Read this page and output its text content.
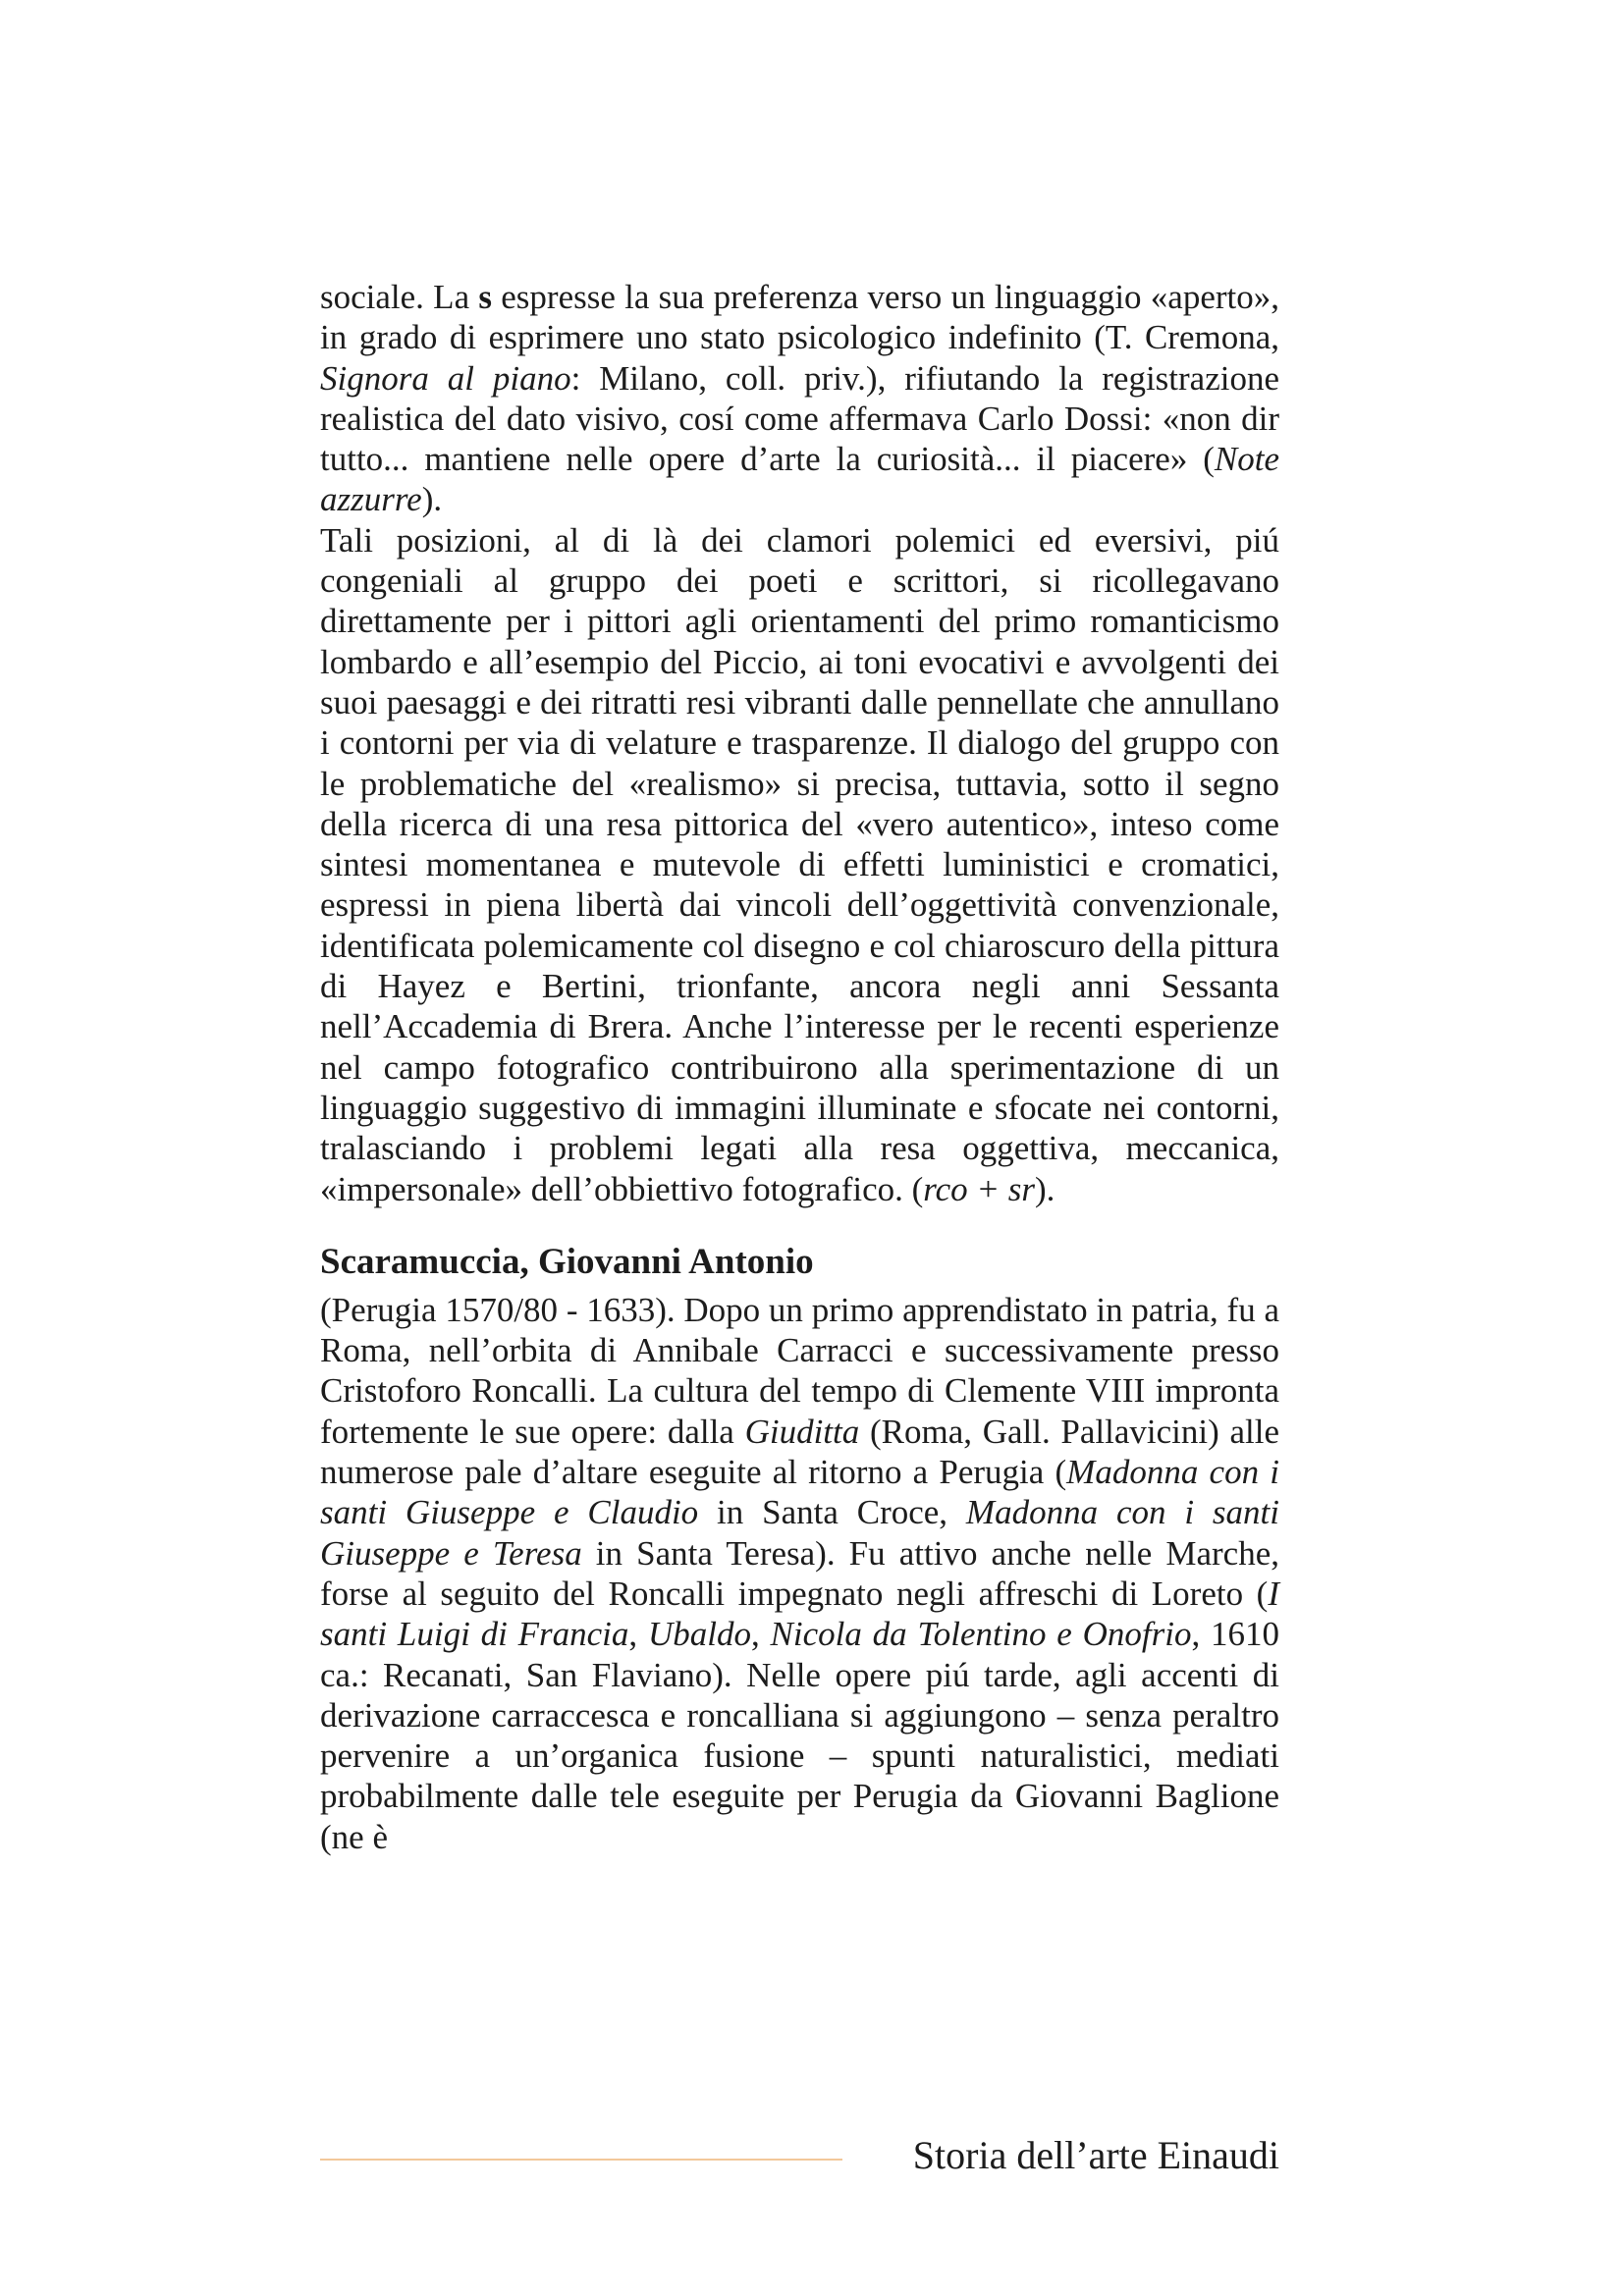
sociale. La s espresse la sua preferenza verso un linguaggio «aperto», in grado di esprimere uno stato psicologico indefinito (T. Cremona, Signora al piano: Milano, coll. priv.), rifiutando la registrazione realistica del dato visivo, cosí come affermava Carlo Dossi: «non dir tutto... mantiene nelle opere d’arte la curiosità... il piacere» (Note azzurre).

Tali posizioni, al di là dei clamori polemici ed eversivi, piú congeniali al gruppo dei poeti e scrittori, si ricollegavano direttamente per i pittori agli orientamenti del primo romanticismo lombardo e all’esempio del Piccio, ai toni evocativi e avvolgenti dei suoi paesaggi e dei ritratti resi vibranti dalle pennellate che annullano i contorni per via di velature e trasparenze. Il dialogo del gruppo con le problematiche del «realismo» si precisa, tuttavia, sotto il segno della ricerca di una resa pittorica del «vero autentico», inteso come sintesi momentanea e mutevole di effetti luministici e cromatici, espressi in piena libertà dai vincoli dell’oggettività convenzionale, identificata polemicamente col disegno e col chiaroscuro della pittura di Hayez e Bertini, trionfante, ancora negli anni Sessanta nell’Accademia di Brera. Anche l’interesse per le recenti esperienze nel campo fotografico contribuirono alla sperimentazione di un linguaggio suggestivo di immagini illuminate e sfocate nei contorni, tralasciando i problemi legati alla resa oggettiva, meccanica, «impersonale» dell’obbiettivo fotografico. (rco + sr).

Scaramuccia, Giovanni Antonio

(Perugia 1570/80 - 1633). Dopo un primo apprendistato in patria, fu a Roma, nell’orbita di Annibale Carracci e successivamente presso Cristoforo Roncalli. La cultura del tempo di Clemente VIII impronta fortemente le sue opere: dalla Giuditta (Roma, Gall. Pallavicini) alle numerose pale d’altare eseguite al ritorno a Perugia (Madonna con i santi Giuseppe e Claudio in Santa Croce, Madonna con i santi Giuseppe e Teresa in Santa Teresa). Fu attivo anche nelle Marche, forse al seguito del Roncalli impegnato negli affreschi di Loreto (I santi Luigi di Francia, Ubaldo, Nicola da Tolentino e Onofrio, 1610 ca.: Recanati, San Flaviano). Nelle opere piú tarde, agli accenti di derivazione carraccesca e roncalliana si aggiungono – senza peraltro pervenire a un’organica fusione – spunti naturalistici, mediati probabilmente dalle tele eseguite per Perugia da Giovanni Baglione (ne è

Storia dell’arte Einaudi
